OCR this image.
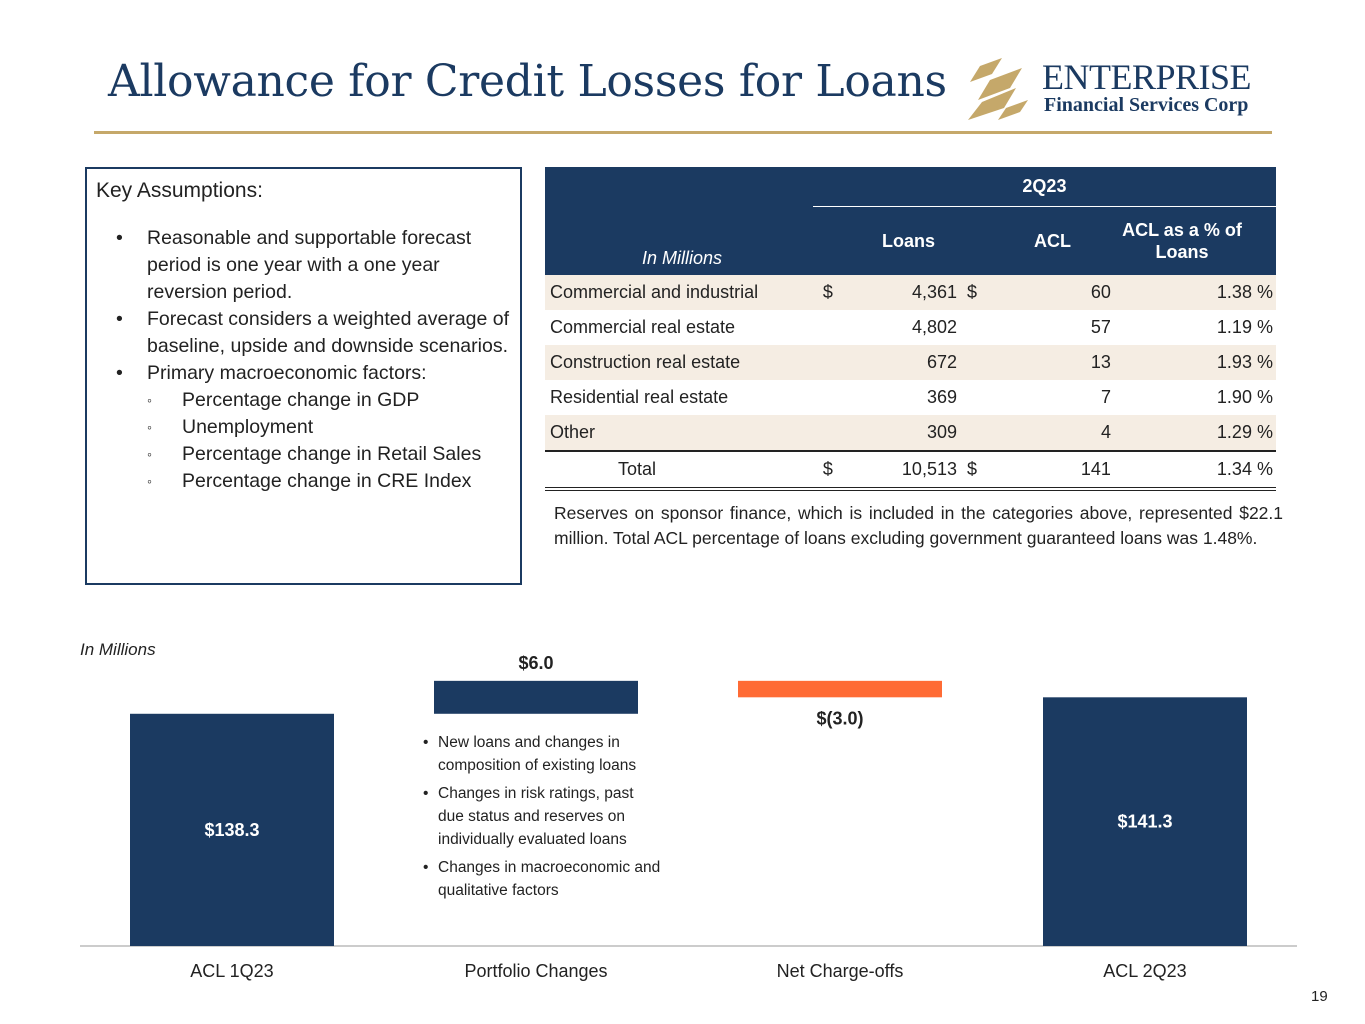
Allowance for Credit Losses for Loans	ENTERPRISE
Financial Services Corp
Key Assumptions:
• Reasonable and supportable forecast period is one year with a one year reversion period.
• Forecast considers a weighted average of baseline, upside and downside scenarios.
• Primary macroeconomic factors:
◦ Percentage change in GDP
◦ Unemployment
◦ Percentage change in Retail Sales
◦ Percentage change in CRE Index
In Millions	2Q23				
	Loans		ACL		ACL as a % of Loans

Commercial and industrial	$	4,361	$	60	1.38 %
Commercial real estate		4,802		57	1.19 %
Construction real estate		672		13	1.93 %
Residential real estate		369		7	1.90 %
Other		309		4	1.29 %
Total	$	10,513	$	141	1.34 %
Reserves on sponsor finance, which is included in the categories above, represented $22.1 million. Total ACL percentage of loans excluding government guaranteed loans was 1.48%.
In Millions
$138.3
ACL 1Q23
$6.0
Portfolio Changes
$(3.0)
Net Charge-offs
$141.3
ACL 2Q23
• New loans and changes in composition of existing loans
• Changes in risk ratings, past due status and reserves on individually evaluated loans
• Changes in macroeconomic and qualitative factors
19
